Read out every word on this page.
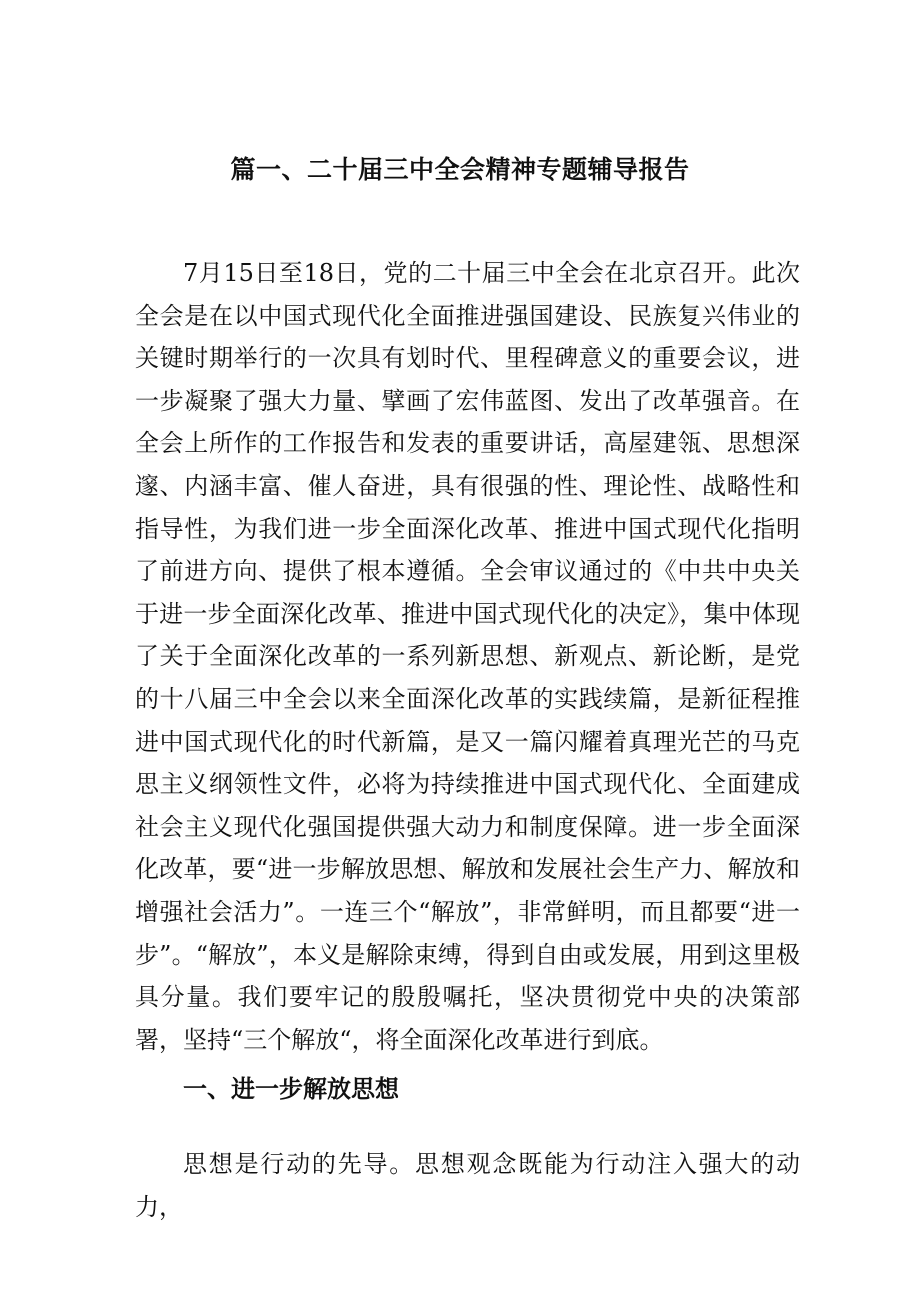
篇一、二十届三中全会精神专题辅导报告

7月15日至18日，党的二十届三中全会在北京召开。此次全会是在以中国式现代化全面推进强国建设、民族复兴伟业的关键时期举行的一次具有划时代、里程碑意义的重要会议，进一步凝聚了强大力量、擘画了宏伟蓝图、发出了改革强音。在全会上所作的工作报告和发表的重要讲话，高屋建瓴、思想深邃、内涵丰富、催人奋进，具有很强的性、理论性、战略性和指导性，为我们进一步全面深化改革、推进中国式现代化指明了前进方向、提供了根本遵循。全会审议通过的《中共中央关于进一步全面深化改革、推进中国式现代化的决定》，集中体现了关于全面深化改革的一系列新思想、新观点、新论断，是党的十八届三中全会以来全面深化改革的实践续篇，是新征程推进中国式现代化的时代新篇，是又一篇闪耀着真理光芒的马克思主义纲领性文件，必将为持续推进中国式现代化、全面建成社会主义现代化强国提供强大动力和制度保障。进一步全面深化改革，要“进一步解放思想、解放和发展社会生产力、解放和增强社会活力”。一连三个“解放”，非常鲜明，而且都要“进一步”。“解放”，本义是解除束缚，得到自由或发展，用到这里极具分量。我们要牢记的殷殷嘱托，坚决贯彻党中央的决策部署，坚持“三个解放“，将全面深化改革进行到底。

一、进一步解放思想

思想是行动的先导。思想观念既能为行动注入强大的动力，
